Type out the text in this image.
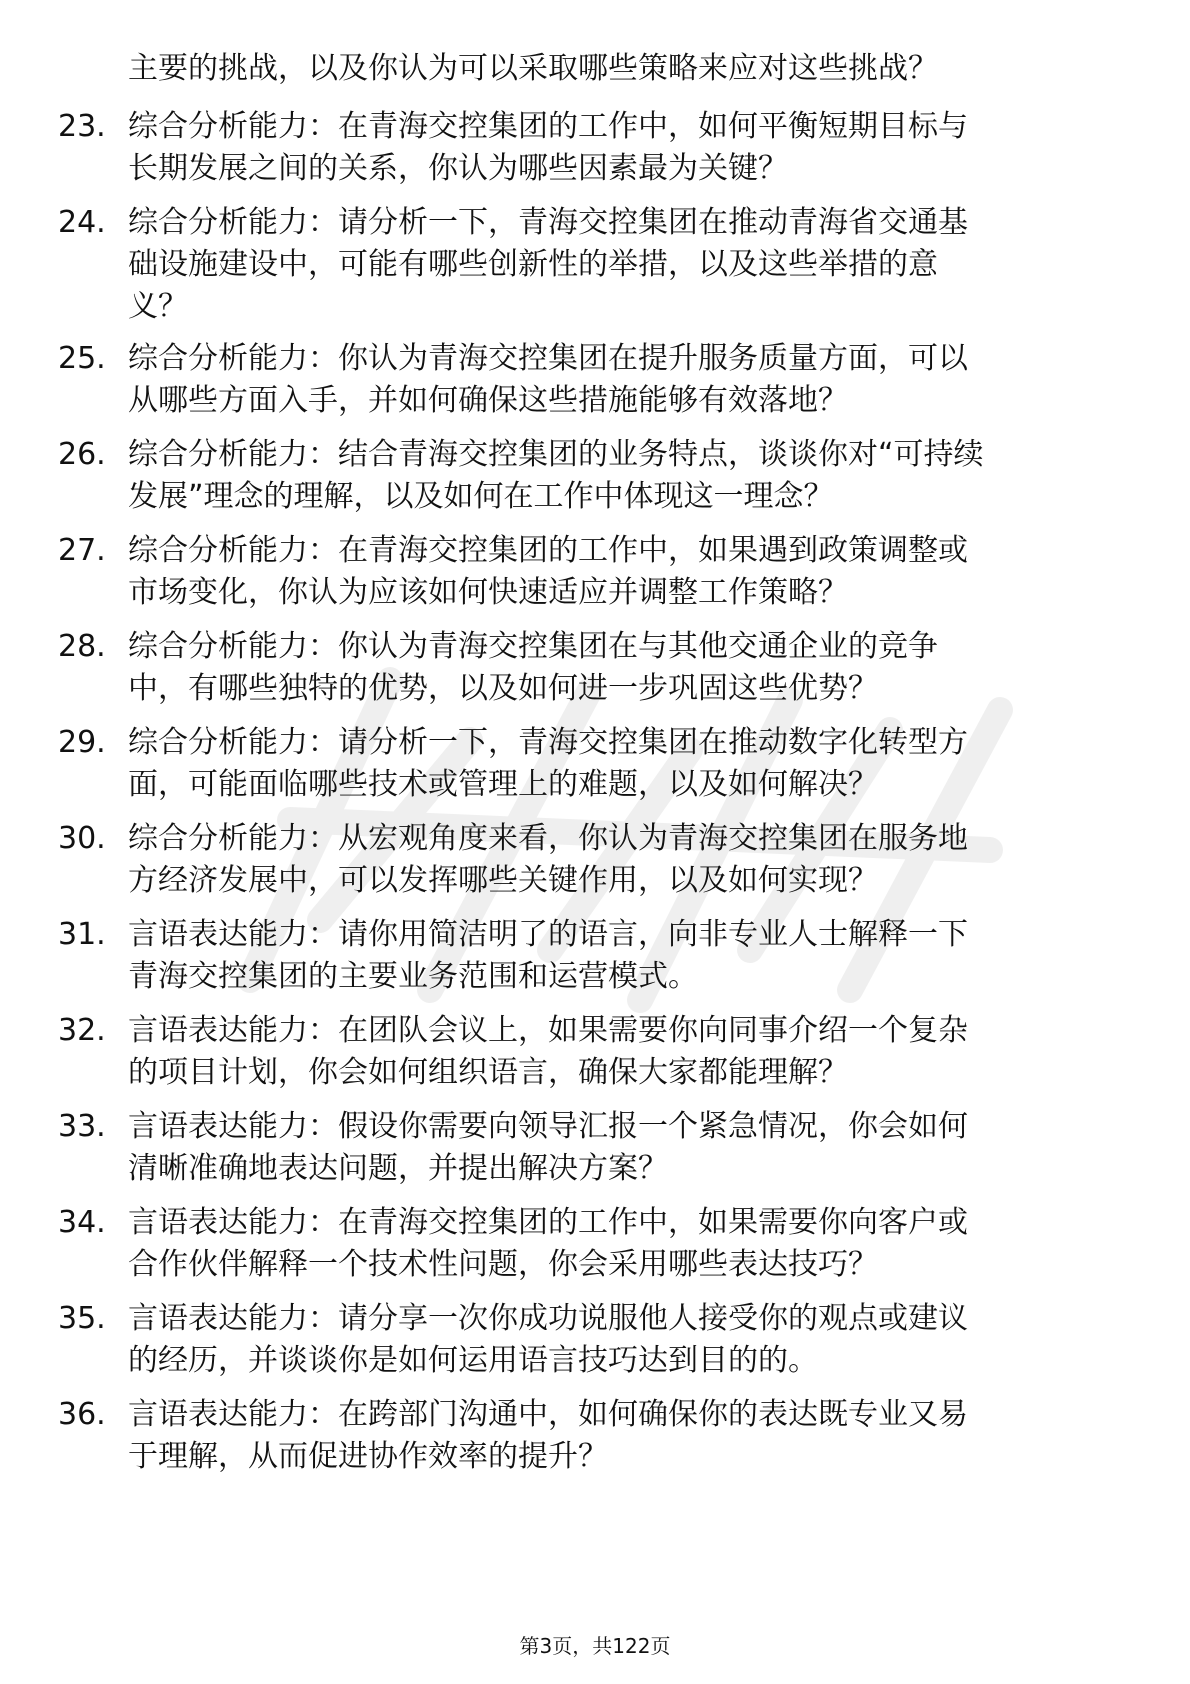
主要的挑战，以及你认为可以采取哪些策略来应对这些挑战？
23. 综合分析能力：在青海交控集团的工作中，如何平衡短期目标与
长期发展之间的关系，你认为哪些因素最为关键？
24. 综合分析能力：请分析一下，青海交控集团在推动青海省交通基
础设施建设中，可能有哪些创新性的举措，以及这些举措的意
义？
25. 综合分析能力：你认为青海交控集团在提升服务质量方面，可以
从哪些方面入手，并如何确保这些措施能够有效落地？
26. 综合分析能力：结合青海交控集团的业务特点，谈谈你对“可持续
发展”理念的理解，以及如何在工作中体现这一理念？
27. 综合分析能力：在青海交控集团的工作中，如果遇到政策调整或
市场变化，你认为应该如何快速适应并调整工作策略？
28. 综合分析能力：你认为青海交控集团在与其他交通企业的竞争
中，有哪些独特的优势，以及如何进一步巩固这些优势？
29. 综合分析能力：请分析一下，青海交控集团在推动数字化转型方
面，可能面临哪些技术或管理上的难题，以及如何解决？
30. 综合分析能力：从宏观角度来看，你认为青海交控集团在服务地
方经济发展中，可以发挥哪些关键作用，以及如何实现？
31. 言语表达能力：请你用简洁明了的语言，向非专业人士解释一下
青海交控集团的主要业务范围和运营模式。
32. 言语表达能力：在团队会议上，如果需要你向同事介绍一个复杂
的项目计划，你会如何组织语言，确保大家都能理解？
33. 言语表达能力：假设你需要向领导汇报一个紧急情况，你会如何
清晰准确地表达问题，并提出解决方案？
34. 言语表达能力：在青海交控集团的工作中，如果需要你向客户或
合作伙伴解释一个技术性问题，你会采用哪些表达技巧？
35. 言语表达能力：请分享一次你成功说服他人接受你的观点或建议
的经历，并谈谈你是如何运用语言技巧达到目的的。
36. 言语表达能力：在跨部门沟通中，如何确保你的表达既专业又易
于理解，从而促进协作效率的提升？
第3页，共122页
